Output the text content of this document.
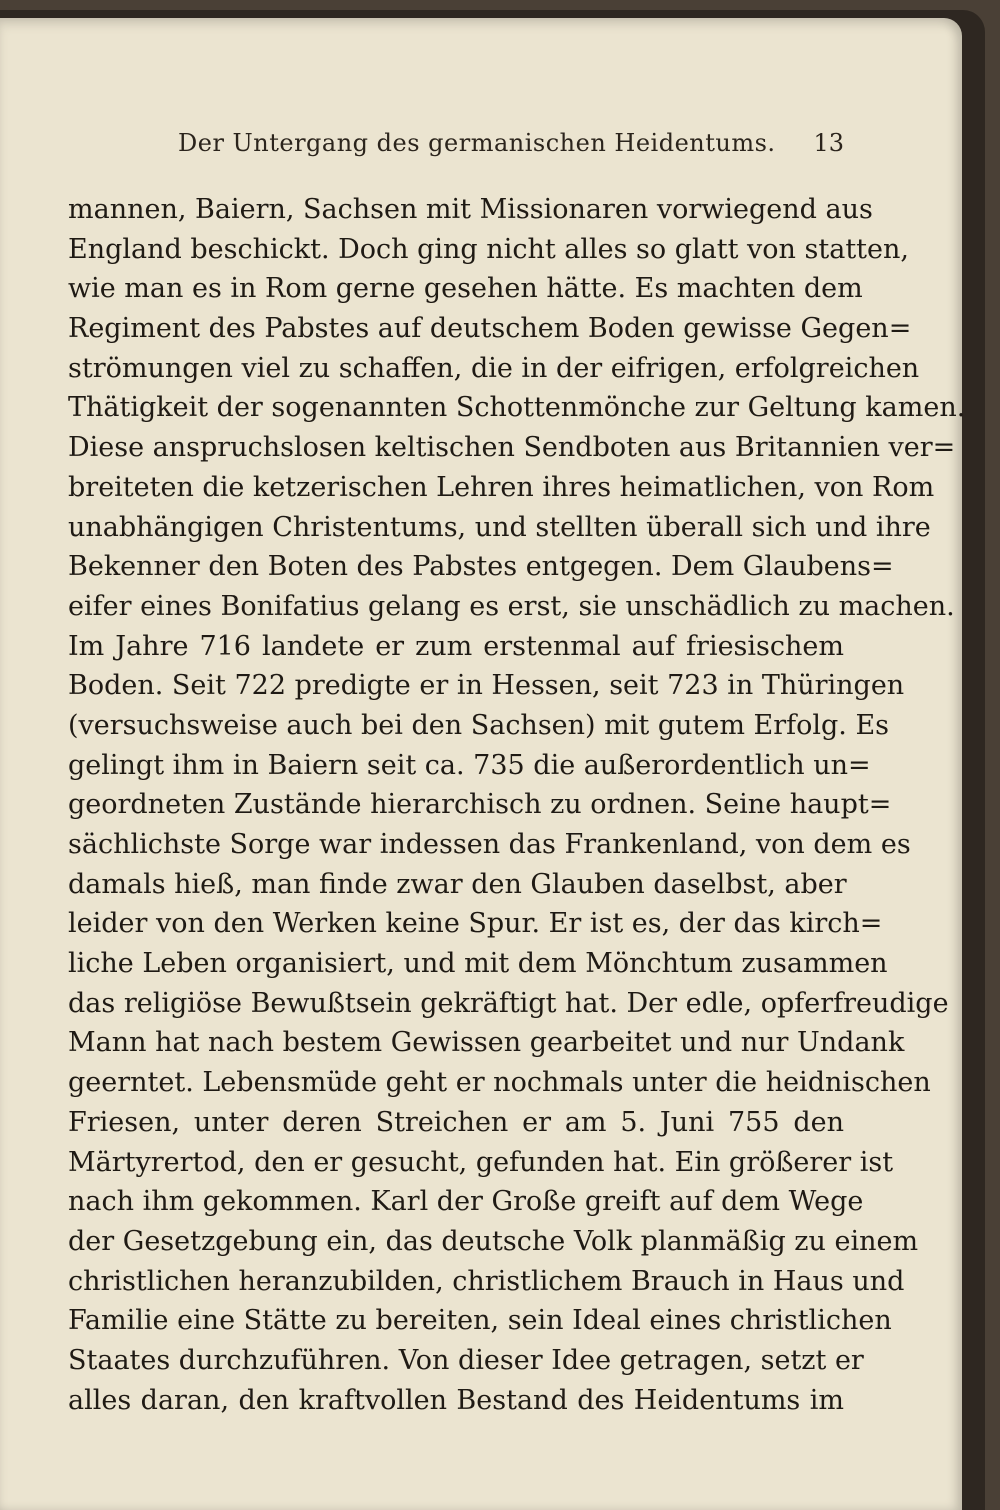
Der Untergang des germanischen Heidentums. 13
mannen, Baiern, Sachsen mit Missionaren vorwiegend aus
England beschickt. Doch ging nicht alles so glatt von statten,
wie man es in Rom gerne gesehen hätte. Es machten dem
Regiment des Pabstes auf deutschem Boden gewisse Gegen=
strömungen viel zu schaffen, die in der eifrigen, erfolgreichen
Thätigkeit der sogenannten Schottenmönche zur Geltung kamen.
Diese anspruchslosen keltischen Sendboten aus Britannien ver=
breiteten die ketzerischen Lehren ihres heimatlichen, von Rom
unabhängigen Christentums, und stellten überall sich und ihre
Bekenner den Boten des Pabstes entgegen. Dem Glaubens=
eifer eines Bonifatius gelang es erst, sie unschädlich zu machen.
Im Jahre 716 landete er zum erstenmal auf friesischem
Boden. Seit 722 predigte er in Hessen, seit 723 in Thüringen
(versuchsweise auch bei den Sachsen) mit gutem Erfolg. Es
gelingt ihm in Baiern seit ca. 735 die außerordentlich un=
geordneten Zustände hierarchisch zu ordnen. Seine haupt=
sächlichste Sorge war indessen das Frankenland, von dem es
damals hieß, man finde zwar den Glauben daselbst, aber
leider von den Werken keine Spur. Er ist es, der das kirch=
liche Leben organisiert, und mit dem Mönchtum zusammen
das religiöse Bewußtsein gekräftigt hat. Der edle, opferfreudige
Mann hat nach bestem Gewissen gearbeitet und nur Undank
geerntet. Lebensmüde geht er nochmals unter die heidnischen
Friesen, unter deren Streichen er am 5. Juni 755 den
Märtyrertod, den er gesucht, gefunden hat. Ein größerer ist
nach ihm gekommen. Karl der Große greift auf dem Wege
der Gesetzgebung ein, das deutsche Volk planmäßig zu einem
christlichen heranzubilden, christlichem Brauch in Haus und
Familie eine Stätte zu bereiten, sein Ideal eines christlichen
Staates durchzuführen. Von dieser Idee getragen, setzt er
alles daran, den kraftvollen Bestand des Heidentums im
